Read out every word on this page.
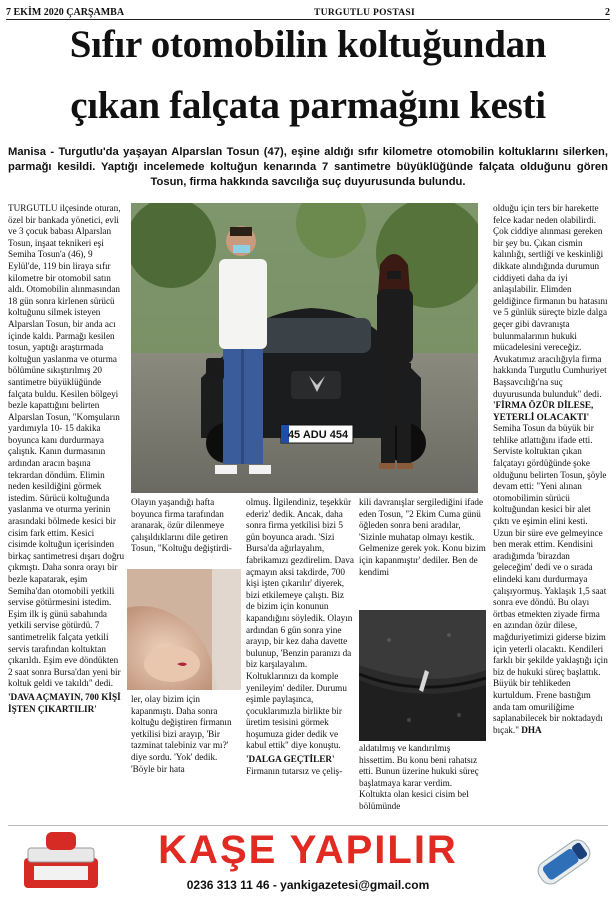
7 EKİM 2020 ÇARŞAMBA	TURGUTLU POSTASI	2
Sıfır otomobilin koltuğundan
çıkan falçata parmağını kesti
Manisa - Turgutlu'da yaşayan Alparslan Tosun (47), eşine aldığı sıfır kilometre otomobilin koltuklarını silerken, parmağı kesildi. Yaptığı incelemede koltuğun kenarında 7 santimetre büyüklüğünde falçata olduğunu gören Tosun, firma hakkında savcılığa suç duyurusunda bulundu.

TURGUTLU ilçesinde oturan, özel bir bankada yönetici, evli ve 3 çocuk babası Alparslan Tosun, inşaat teknikeri eşi Semiha Tosun'a (46), 9 Eylül'de, 119 bin liraya sıfır kilometre bir otomobil satın aldı. Otomobilin alınmasından 18 gün sonra kirlenen sürücü koltuğunu silmek isteyen Alparslan Tosun, bir anda acı içinde kaldı. Parmağı kesilen tosun, yaptığı araştırmada koltuğun yaslanma ve oturma bölümüne sıkıştırılmış 20 santimetre büyüklüğünde falçata buldu. Kesilen bölgeyi bezle kapattığını belirten Alparslan Tosun, "Komşuların yardımıyla 10- 15 dakika boyunca kanı durdurmaya çalıştık. Kanın durmasının ardından aracın başına tekrardan döndüm. Elimin neden kesildiğini görmek istedim. Sürücü koltuğunda yaslanma ve oturma yerinin arasındaki bölmede kesici bir cisim fark ettim. Kesici cisimde koltuğun içerisinden birkaç santimetresi dışarı doğru çıkmıştı. Daha sonra orayı bir bezle kapatarak, eşim Semiha'dan otomobili yetkili servise götürmesini istedim. Eşim ilk iş günü sabahında yetkili servise götürdü. 7 santimetrelik falçata yetkili servis tarafından koltuktan çıkarıldı. Eşim eve döndükten 2 saat sonra Bursa'dan yeni bir koltuk geldi ve takıldı" dedi.

'DAVA AÇMAYIN, 700 KİŞİ İŞTEN ÇIKARTILIR'

45 ADU 454

Olayın yaşandığı hafta boyunca firma tarafından aranarak, özür dilenmeye çalışıldıklarını dile getiren Tosun, "Koltuğu değiştirdi-

ler, olay bizim için kapanmıştı. Daha sonra koltuğu değiştiren firmanın yetkilisi bizi arayıp, 'Bir tazminat talebiniz var mı?' diye sordu. 'Yok' dedik. 'Böyle bir hata

olmuş. İlgilendiniz, teşekkür ederiz' dedik. Ancak, daha sonra firma yetkilisi bizi 5 gün boyunca aradı. 'Sizi Bursa'da ağırlayalım, fabrikamızı gezdirelim. Dava açmayın aksi takdirde, 700 kişi işten çıkarılır' diyerek, bizi etkilemeye çalıştı. Biz de bizim için konunun kapandığını söyledik. Olayın ardından 6 gün sonra yine arayıp, bir kez daha davette bulunup, 'Benzin paranızı da biz karşılayalım. Koltuklarınızı da komple yenileyim' dediler. Durumu eşimle paylaşınca, çocuklarımızla birlikte bir üretim tesisini görmek hoşumuza gider dedik ve kabul ettik" diye konuştu.

'DALGA GEÇTİLER'

Firmanın tutarsız ve çeliş-

kili davranışlar sergilediğini ifade eden Tosun, "2 Ekim Cuma günü öğleden sonra beni aradılar, 'Sizinle muhatap olmayı kestik. Gelmenize gerek yok. Konu bizim için kapanmıştır' dediler. Ben de kendimi

aldatılmış ve kandırılmış hissettim. Bu konu beni rahatsız etti. Bunun üzerine hukuki süreç başlatmaya karar verdim. Koltukta olan kesici cisim bel bölümünde

olduğu için ters bir harekette felce kadar neden olabilirdi. Çok ciddiye alınması gereken bir şey bu. Çıkan cismin kalınlığı, sertliği ve keskinliği dikkate alındığında durumun ciddiyeti daha da iyi anlaşılabilir. Elimden geldiğince firmanın bu hatasını ve 5 günlük süreçte bizle dalga geçer gibi davranışta bulunmalarının hukuki mücadelesini vereceğiz. Avukatımız aracılığıyla firma hakkında Turgutlu Cumhuriyet Başsavcılığı'na suç duyurusunda bulunduk" dedi.

'FİRMA ÖZÜR DİLESE, YETERLİ OLACAKTI'

Semiha Tosun da büyük bir tehlike atlattığını ifade etti. Serviste koltuktan çıkan falçatayı gördüğünde şoke olduğunu belirten Tosun, şöyle devam etti: "Yeni alınan otomobilimin sürücü koltuğundan kesici bir alet çıktı ve eşimin elini kesti. Uzun bir süre eve gelmeyince ben merak ettim. Kendisini aradığımda 'birazdan geleceğim' dedi ve o sırada elindeki kanı durdurmaya çalışıyormuş. Yaklaşık 1,5 saat sonra eve döndü. Bu olayı örtbas etmekten ziyade firma en azından özür dilese, mağduriyetimizi giderse bizim için yeterli olacaktı. Kendileri farklı bir şekilde yaklaştığı için biz de hukuki süreç başlattık. Büyük bir tehlikeden kurtuldum. Frene bastığım anda tam omuriliğime saplanabilecek bir noktadaydı bıçak." DHA

KAŞE YAPILIR
0236 313 11 46 - yankigazetesi@gmail.com
